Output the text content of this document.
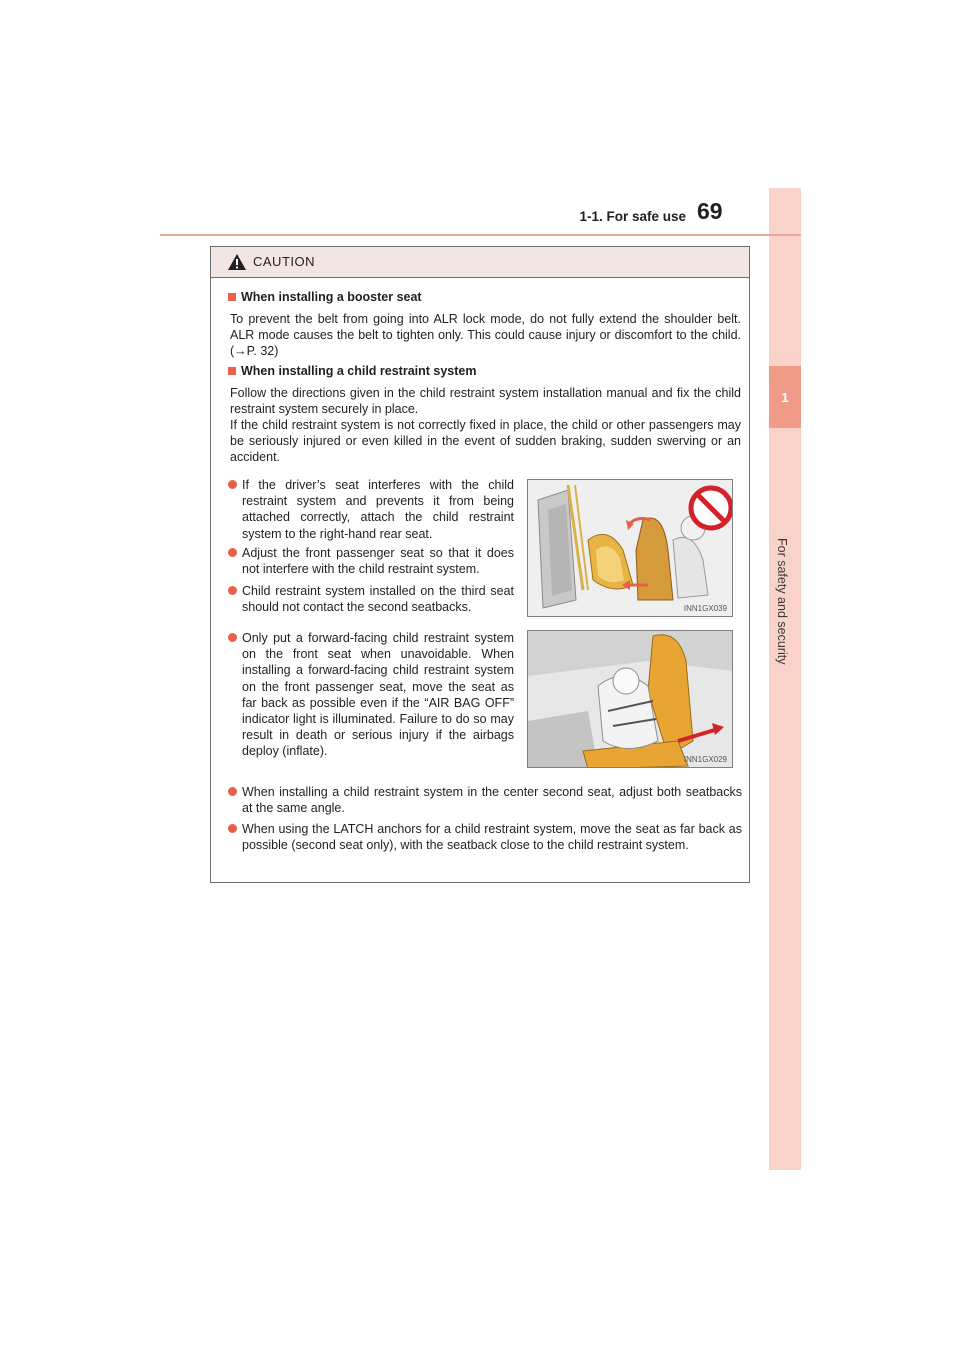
1
For safety and security
1-1. For safe use 69
CAUTION
When installing a booster seat
To prevent the belt from going into ALR lock mode, do not fully extend the shoulder belt. ALR mode causes the belt to tighten only. This could cause injury or discomfort to the child. (→P. 32)
When installing a child restraint system
Follow the directions given in the child restraint system installation manual and fix the child restraint system securely in place.
If the child restraint system is not correctly fixed in place, the child or other passengers may be seriously injured or even killed in the event of sudden braking, sudden swerving or an accident.
If the driver’s seat interferes with the child restraint system and prevents it from being attached correctly, attach the child restraint system to the right-hand rear seat.
Adjust the front passenger seat so that it does not interfere with the child restraint system.
Child restraint system installed on the third seat should not contact the second seatbacks.	INN1GX039
Only put a forward-facing child restraint system on the front seat when unavoidable. When installing a forward-facing child restraint system on the front passenger seat, move the seat as far back as possible even if the “AIR BAG OFF” indicator light is illuminated. Failure to do so may result in death or serious injury if the airbags deploy (inflate).
INN1GX029
When installing a child restraint system in the center second seat, adjust both seatbacks at the same angle.
When using the LATCH anchors for a child restraint system, move the seat as far back as possible (second seat only), with the seatback close to the child restraint system.
